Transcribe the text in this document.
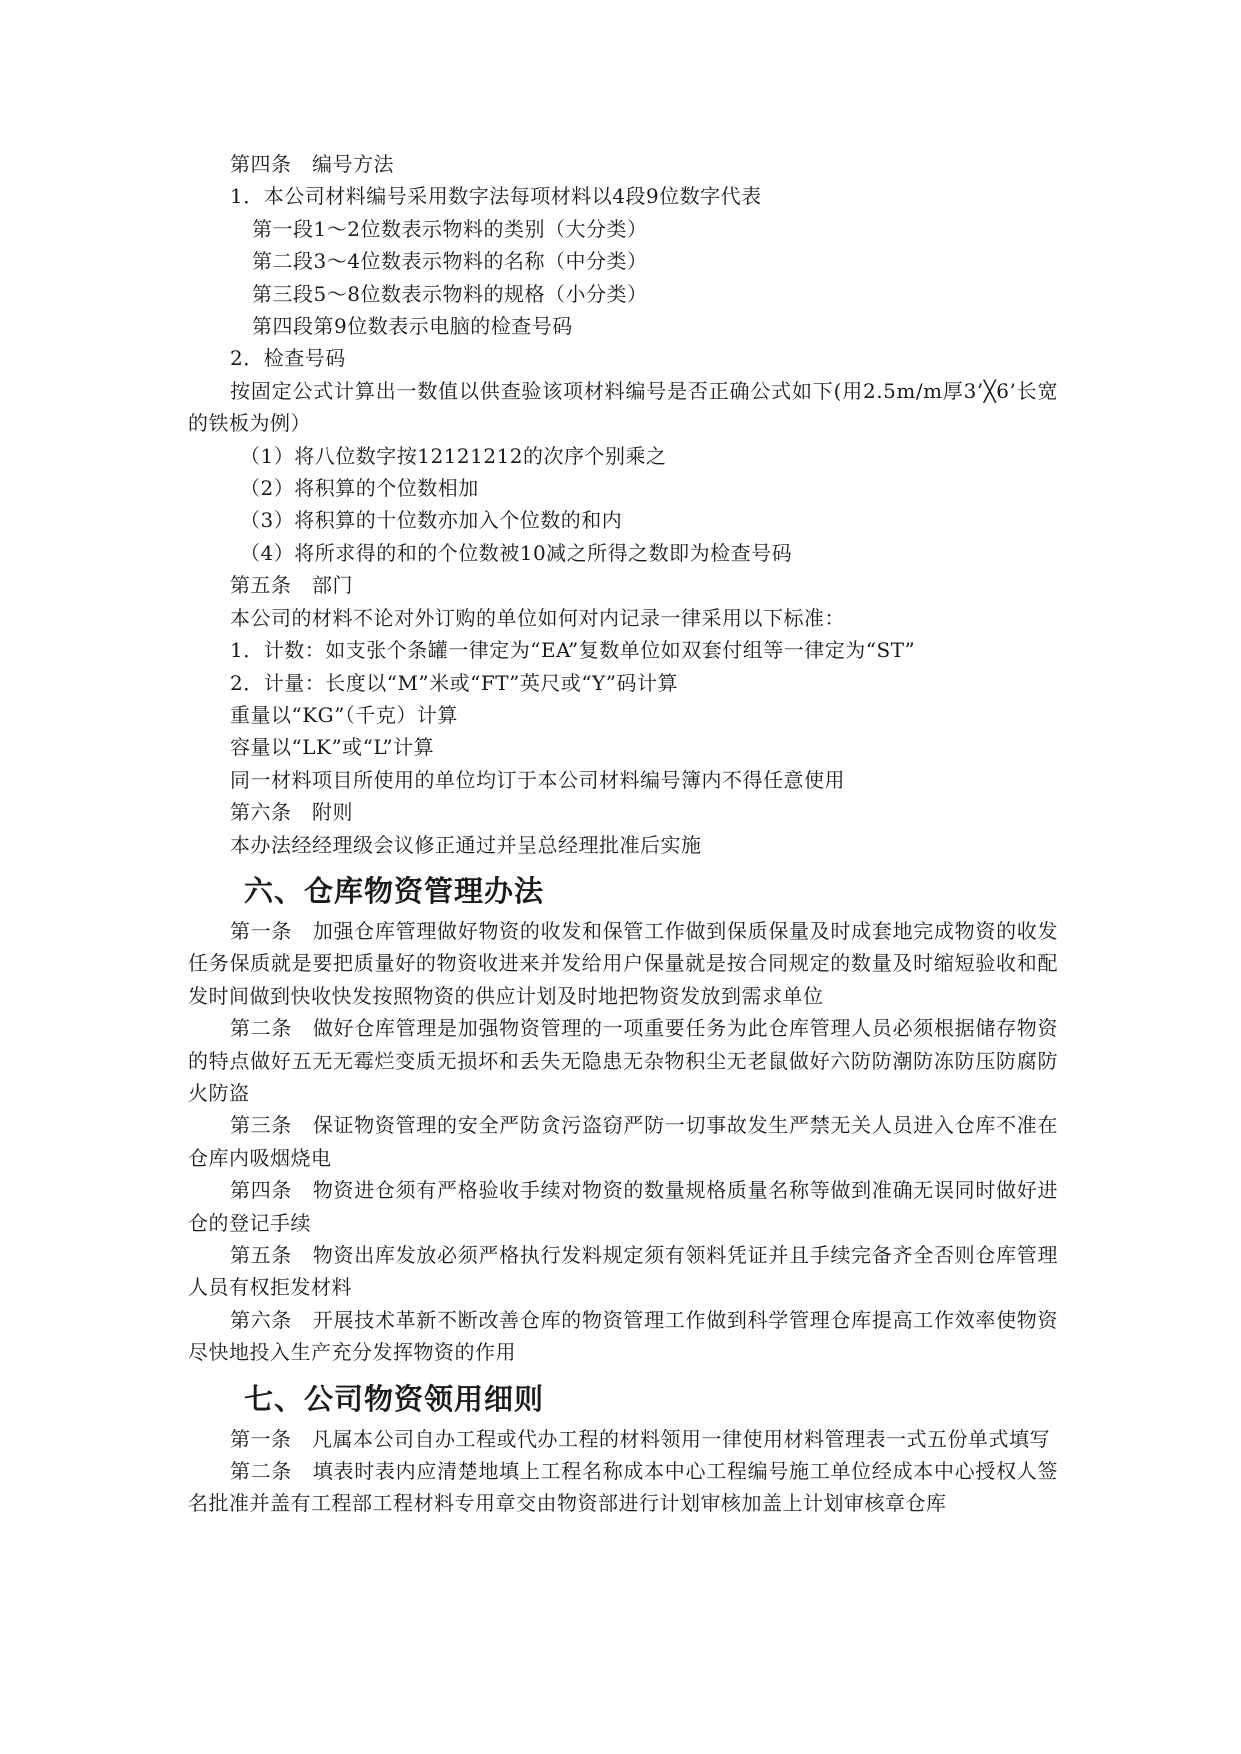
第四条　编号方法
1．本公司材料编号采用数字法每项材料以4段9位数字代表
第一段1～2位数表示物料的类别（大分类）
第二段3～4位数表示物料的名称（中分类）
第三段5～8位数表示物料的规格（小分类）
第四段第9位数表示电脑的检查号码
2．检查号码
按固定公式计算出一数值以供查验该项材料编号是否正确公式如下(用2.5m/m厚3’╳6’长宽的铁板为例）
（1）将八位数字按12121212的次序个别乘之
（2）将积算的个位数相加
（3）将积算的十位数亦加入个位数的和内
（4）将所求得的和的个位数被10减之所得之数即为检查号码
第五条　部门
本公司的材料不论对外订购的单位如何对内记录一律采用以下标准：
1．计数：如支张个条罐一律定为“EA”复数单位如双套付组等一律定为“ST”
2．计量：长度以“M”米或“FT”英尺或“Y”码计算
重量以“KG”（千克）计算
容量以“LK”或“L”计算
同一材料项目所使用的单位均订于本公司材料编号簿内不得任意使用
第六条　附则
本办法经经理级会议修正通过并呈总经理批准后实施
六、仓库物资管理办法
第一条　加强仓库管理做好物资的收发和保管工作做到保质保量及时成套地完成物资的收发任务保质就是要把质量好的物资收进来并发给用户保量就是按合同规定的数量及时缩短验收和配发时间做到快收快发按照物资的供应计划及时地把物资发放到需求单位
第二条　做好仓库管理是加强物资管理的一项重要任务为此仓库管理人员必须根据储存物资的特点做好五无无霉烂变质无损坏和丢失无隐患无杂物积尘无老鼠做好六防防潮防冻防压防腐防火防盗
第三条　保证物资管理的安全严防贪污盗窃严防一切事故发生严禁无关人员进入仓库不准在仓库内吸烟烧电
第四条　物资进仓须有严格验收手续对物资的数量规格质量名称等做到准确无误同时做好进仓的登记手续
第五条　物资出库发放必须严格执行发料规定须有领料凭证并且手续完备齐全否则仓库管理人员有权拒发材料
第六条　开展技术革新不断改善仓库的物资管理工作做到科学管理仓库提高工作效率使物资尽快地投入生产充分发挥物资的作用
七、公司物资领用细则
第一条　凡属本公司自办工程或代办工程的材料领用一律使用材料管理表一式五份单式填写
第二条　填表时表内应清楚地填上工程名称成本中心工程编号施工单位经成本中心授权人签名批准并盖有工程部工程材料专用章交由物资部进行计划审核加盖上计划审核章仓库
